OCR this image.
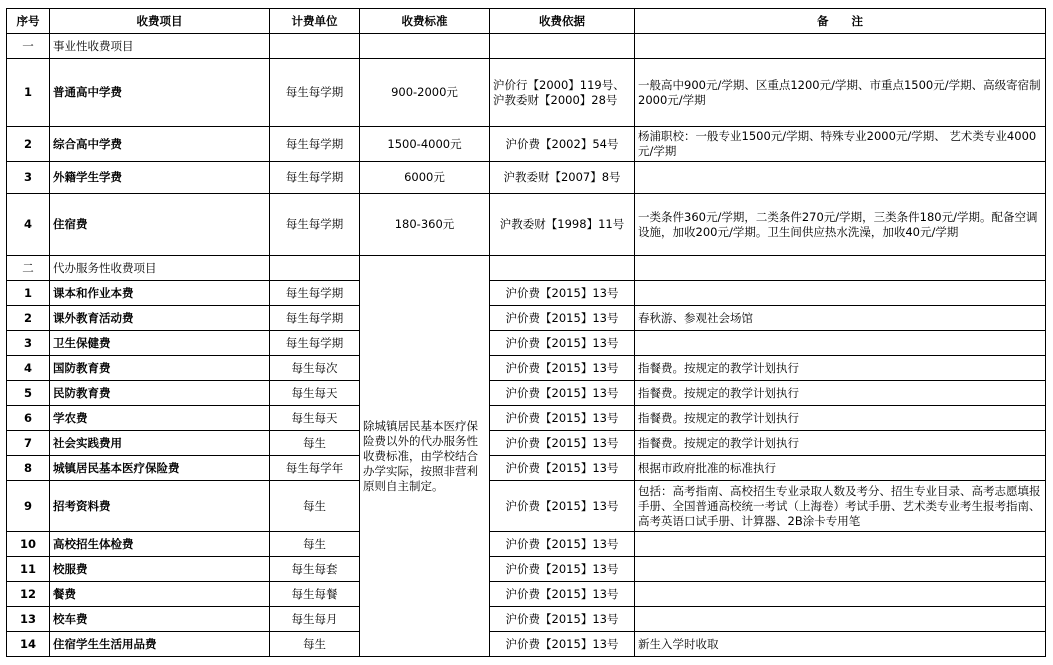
序号	收费项目	计费单位	收费标准	收费依据	备　　注
一	事业性收费项目				
1	普通高中学费	每生每学期	900-2000元	沪价行【2000】119号、沪教委财【2000】28号	一般高中900元/学期、区重点1200元/学期、市重点1500元/学期、高级寄宿制2000元/学期
2	综合高中学费	每生每学期	1500-4000元	沪价费【2002】54号	杨浦职校：一般专业1500元/学期、特殊专业2000元/学期、 艺术类专业4000元/学期
3	外籍学生学费	每生每学期	6000元	沪教委财【2007】8号	
4	住宿费	每生每学期	180-360元	沪教委财【1998】11号	一类条件360元/学期，二类条件270元/学期，三类条件180元/学期。配备空调设施，加收200元/学期。卫生间供应热水洗澡，加收40元/学期
二	代办服务性收费项目		除城镇居民基本医疗保险费以外的代办服务性收费标准，由学校结合办学实际，按照非营利原则自主制定。		
1	课本和作业本费	每生每学期		沪价费【2015】13号	
2	课外教育活动费	每生每学期		沪价费【2015】13号	春秋游、参观社会场馆
3	卫生保健费	每生每学期		沪价费【2015】13号	
4	国防教育费	每生每次		沪价费【2015】13号	指餐费。按规定的教学计划执行
5	民防教育费	每生每天		沪价费【2015】13号	指餐费。按规定的教学计划执行
6	学农费	每生每天		沪价费【2015】13号	指餐费。按规定的教学计划执行
7	社会实践费用	每生		沪价费【2015】13号	指餐费。按规定的教学计划执行
8	城镇居民基本医疗保险费	每生每学年		沪价费【2015】13号	根据市政府批准的标准执行
9	招考资料费	每生		沪价费【2015】13号	包括：高考指南、高校招生专业录取人数及考分、招生专业目录、高考志愿填报手册、全国普通高校统一考试（上海卷）考试手册、艺术类专业考生报考指南、高考英语口试手册、计算器、2B涂卡专用笔
10	高校招生体检费	每生		沪价费【2015】13号	
11	校服费	每生每套		沪价费【2015】13号	
12	餐费	每生每餐		沪价费【2015】13号	
13	校车费	每生每月		沪价费【2015】13号	
14	住宿学生生活用品费	每生		沪价费【2015】13号	新生入学时收取
